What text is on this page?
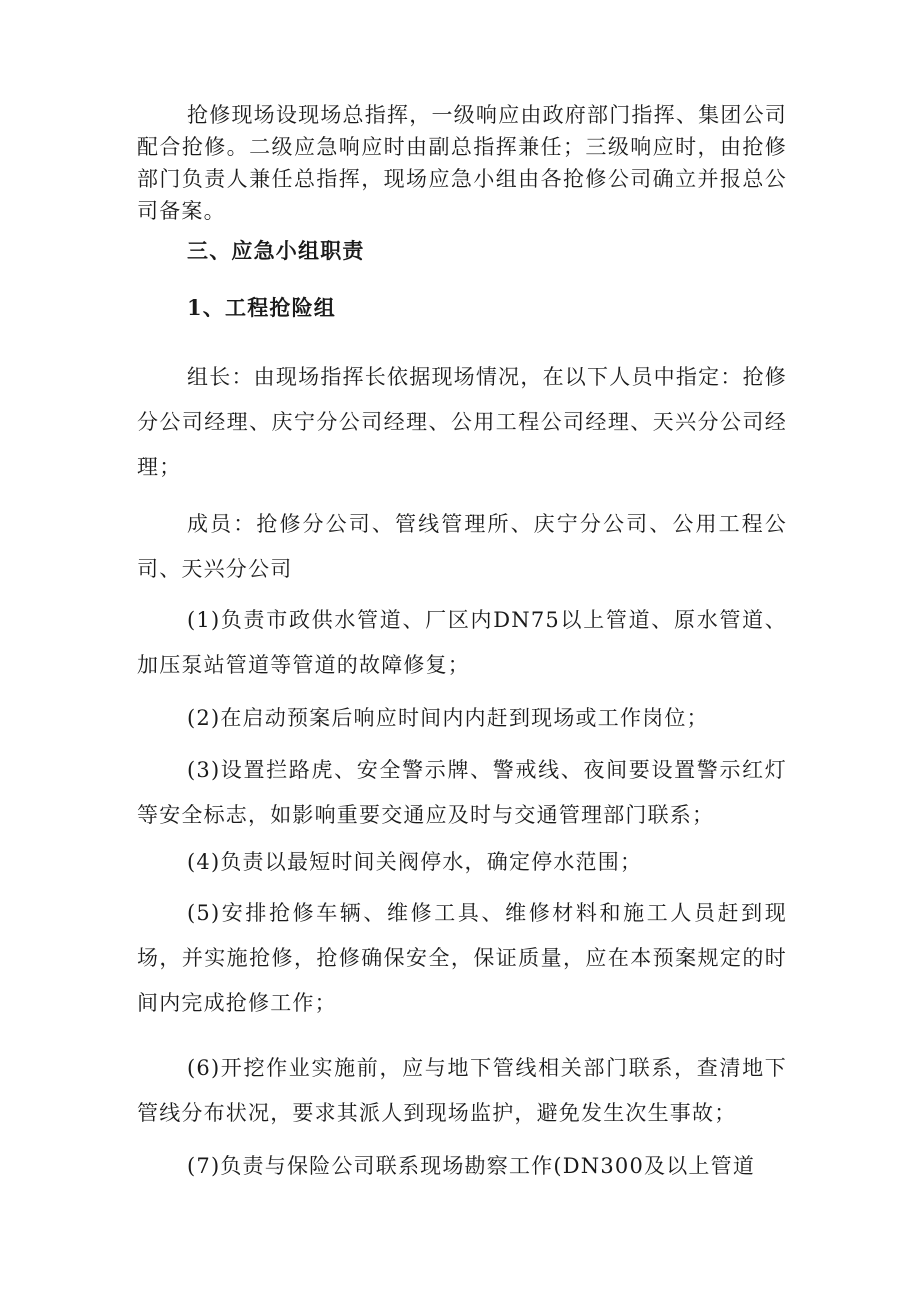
抢修现场设现场总指挥，一级响应由政府部门指挥、集团公司配合抢修。二级应急响应时由副总指挥兼任；三级响应时，由抢修部门负责人兼任总指挥，现场应急小组由各抢修公司确立并报总公司备案。

三、应急小组职责

1、工程抢险组

组长：由现场指挥长依据现场情况，在以下人员中指定：抢修分公司经理、庆宁分公司经理、公用工程公司经理、天兴分公司经理；

成员：抢修分公司、管线管理所、庆宁分公司、公用工程公司、天兴分公司

(1)负责市政供水管道、厂区内DN75以上管道、原水管道、加压泵站管道等管道的故障修复；

(2)在启动预案后响应时间内内赶到现场或工作岗位；

(3)设置拦路虎、安全警示牌、警戒线、夜间要设置警示红灯等安全标志，如影响重要交通应及时与交通管理部门联系；

(4)负责以最短时间关阀停水，确定停水范围；

(5)安排抢修车辆、维修工具、维修材料和施工人员赶到现场，并实施抢修，抢修确保安全，保证质量，应在本预案规定的时间内完成抢修工作；

(6)开挖作业实施前，应与地下管线相关部门联系，查清地下管线分布状况，要求其派人到现场监护，避免发生次生事故；

(7)负责与保险公司联系现场勘察工作(DN300及以上管道
